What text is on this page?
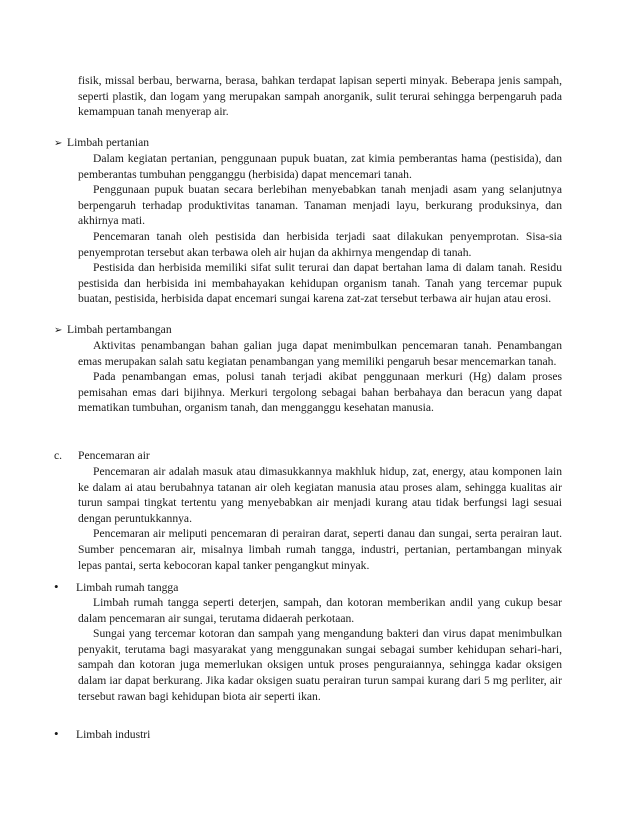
fisik, missal berbau, berwarna, berasa, bahkan terdapat lapisan seperti minyak. Beberapa jenis sampah, seperti plastik, dan logam yang merupakan sampah anorganik, sulit terurai sehingga berpengaruh pada kemampuan tanah menyerap air.

➢ Limbah pertanian

Dalam kegiatan pertanian, penggunaan pupuk buatan, zat kimia pemberantas hama (pestisida), dan pemberantas tumbuhan pengganggu (herbisida) dapat mencemari tanah.

Penggunaan pupuk buatan secara berlebihan menyebabkan tanah menjadi asam yang selanjutnya berpengaruh terhadap produktivitas tanaman. Tanaman menjadi layu, berkurang produksinya, dan akhirnya mati.

Pencemaran tanah oleh pestisida dan herbisida terjadi saat dilakukan penyemprotan. Sisa-sia penyemprotan tersebut akan terbawa oleh air hujan da akhirnya mengendap di tanah.

Pestisida dan herbisida memiliki sifat sulit terurai dan dapat bertahan lama di dalam tanah. Residu pestisida dan herbisida ini membahayakan kehidupan organism tanah. Tanah yang tercemar pupuk buatan, pestisida, herbisida dapat encemari sungai karena zat-zat tersebut terbawa air hujan atau erosi.

➢ Limbah pertambangan

Aktivitas penambangan bahan galian juga dapat menimbulkan pencemaran tanah. Penambangan emas merupakan salah satu kegiatan penambangan yang memiliki pengaruh besar mencemarkan tanah.

Pada penambangan emas, polusi tanah terjadi akibat penggunaan merkuri (Hg) dalam proses pemisahan emas dari bijihnya. Merkuri tergolong sebagai bahan berbahaya dan beracun yang dapat mematikan tumbuhan, organism tanah, dan mengganggu kesehatan manusia.

c. Pencemaran air

Pencemaran air adalah masuk atau dimasukkannya makhluk hidup, zat, energy, atau komponen lain ke dalam ai atau berubahnya tatanan air oleh kegiatan manusia atau proses alam, sehingga kualitas air turun sampai tingkat tertentu yang menyebabkan air menjadi kurang atau tidak berfungsi lagi sesuai dengan peruntukkannya.

Pencemaran air meliputi pencemaran di perairan darat, seperti danau dan sungai, serta perairan laut. Sumber pencemaran air, misalnya limbah rumah tangga, industri, pertanian, pertambangan minyak lepas pantai, serta kebocoran kapal tanker pengangkut minyak.

• Limbah rumah tangga

Limbah rumah tangga seperti deterjen, sampah, dan kotoran memberikan andil yang cukup besar dalam pencemaran air sungai, terutama didaerah perkotaan.

Sungai yang tercemar kotoran dan sampah yang mengandung bakteri dan virus dapat menimbulkan penyakit, terutama bagi masyarakat yang menggunakan sungai sebagai sumber kehidupan sehari-hari, sampah dan kotoran juga memerlukan oksigen untuk proses penguraiannya, sehingga kadar oksigen dalam iar dapat berkurang. Jika kadar oksigen suatu perairan turun sampai kurang dari 5 mg perliter, air tersebut rawan bagi kehidupan biota air seperti ikan.

• Limbah industri
